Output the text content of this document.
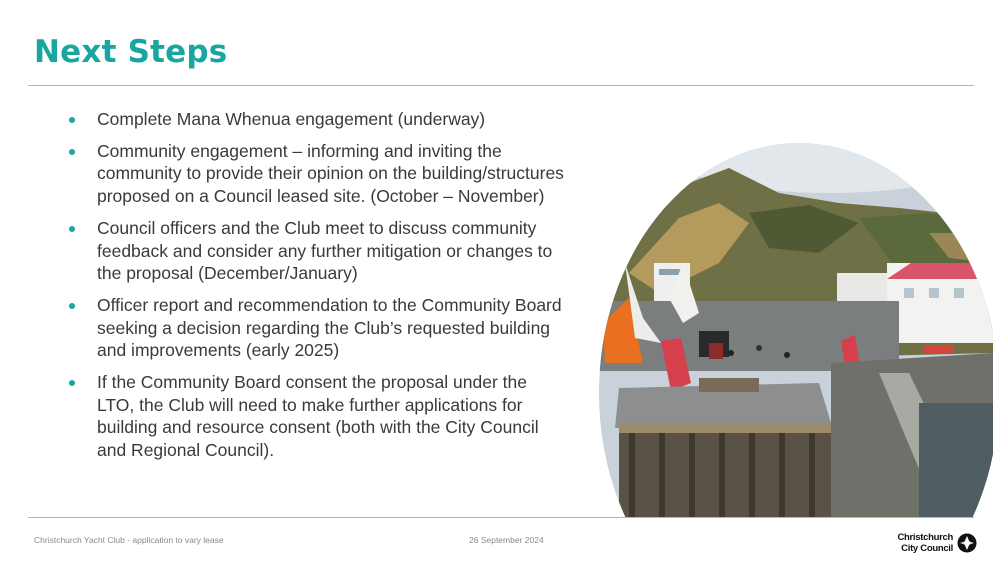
Next Steps
Complete Mana Whenua engagement (underway)
Community engagement – informing and inviting the community to provide their opinion on the building/structures proposed on a Council leased site. (October – November)
Council officers and the Club meet to discuss community feedback and consider any further mitigation or changes to the proposal (December/January)
Officer report and recommendation to the Community Board seeking a decision regarding the Club’s requested building and improvements (early 2025)
If the Community Board consent the proposal under the LTO, the Club will need to make further applications for building and resource consent (both with the City Council and Regional Council).
Christchurch Yacht Club - application to vary lease	26 September 2024	Christchurch
City Council
